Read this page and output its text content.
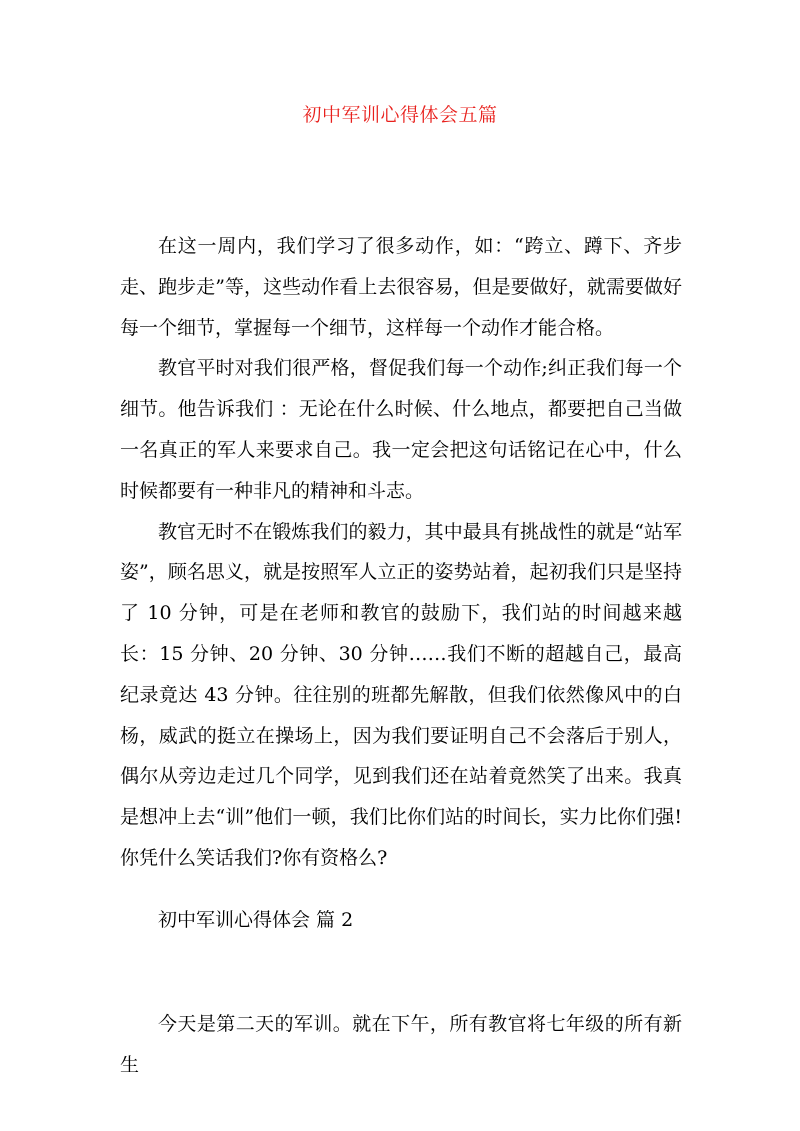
初中军训心得体会五篇

在这一周内，我们学习了很多动作，如：“跨立、蹲下、齐步走、跑步走”等，这些动作看上去很容易，但是要做好，就需要做好每一个细节，掌握每一个细节，这样每一个动作才能合格。

教官平时对我们很严格，督促我们每一个动作;纠正我们每一个细节。他告诉我们 ：无论在什么时候、什么地点，都要把自己当做一名真正的军人来要求自己。我一定会把这句话铭记在心中，什么时候都要有一种非凡的精神和斗志。

教官无时不在锻炼我们的毅力，其中最具有挑战性的就是“站军姿”，顾名思义，就是按照军人立正的姿势站着，起初我们只是坚持了 10 分钟，可是在老师和教官的鼓励下，我们站的时间越来越长：15 分钟、20 分钟、30 分钟……我们不断的超越自己，最高纪录竟达 43 分钟。往往别的班都先解散，但我们依然像风中的白杨，威武的挺立在操场上，因为我们要证明自己不会落后于别人，偶尔从旁边走过几个同学，见到我们还在站着竟然笑了出来。我真是想冲上去“训”他们一顿，我们比你们站的时间长，实力比你们强!你凭什么笑话我们?你有资格么?

初中军训心得体会 篇 2

今天是第二天的军训。就在下午，所有教官将七年级的所有新生
